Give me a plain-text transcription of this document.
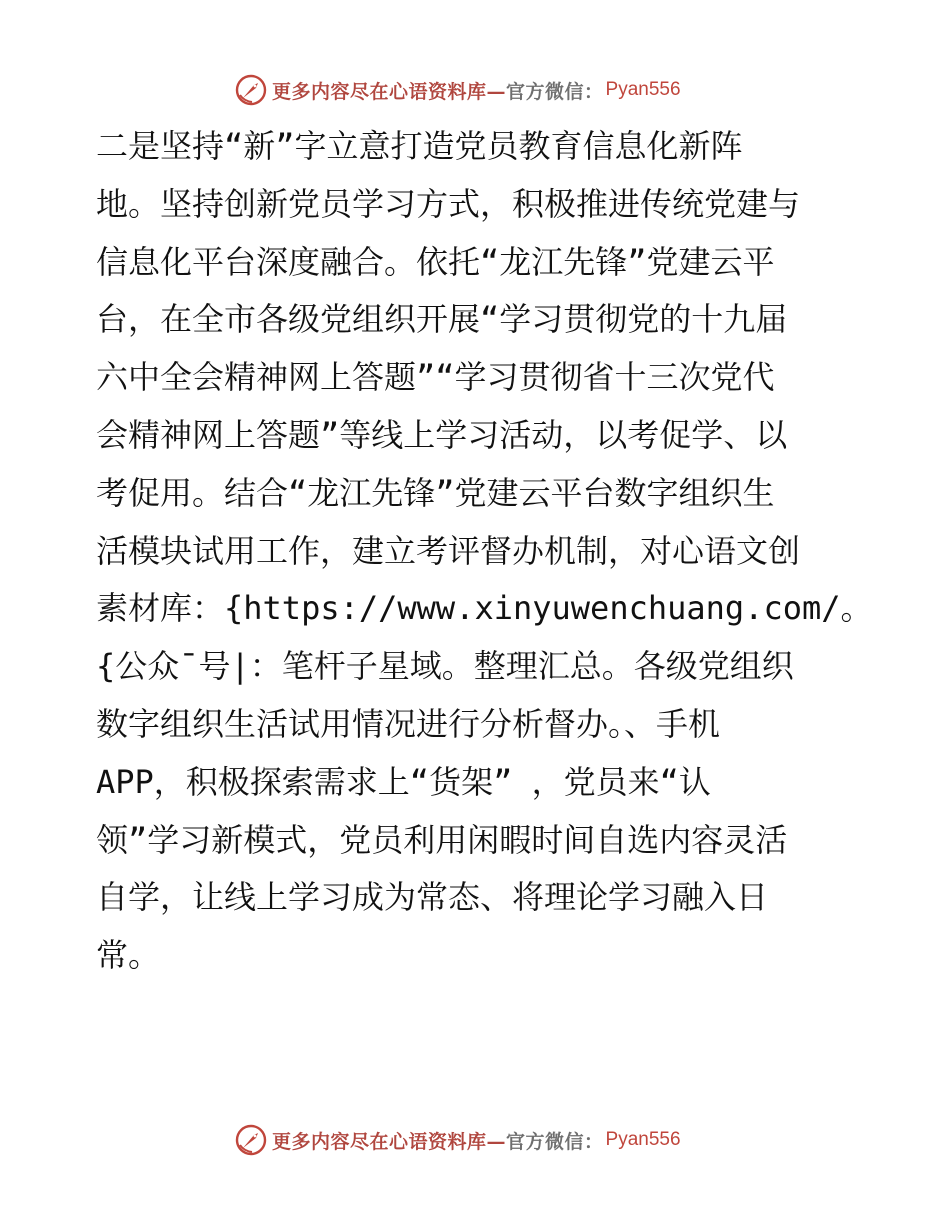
更多内容尽在心语资料库— 官方微信： Pyan556
二是坚持“新”字立意打造党员教育信息化新阵
地。坚持创新党员学习方式，积极推进传统党建与
信息化平台深度融合。依托“龙江先锋”党建云平
台，在全市各级党组织开展“学习贯彻党的十九届
六中全会精神网上答题”“学习贯彻省十三次党代
会精神网上答题”等线上学习活动，以考促学、以
考促用。结合“龙江先锋”党建云平台数字组织生
活模块试用工作，建立考评督办机制，对心语文创
素材库：{https://www.xinyuwenchuang.com/。
{公众¯号|：笔杆子星域。整理汇总。各级党组织
数字组织生活试用情况进行分析督办。、手机
APP，积极探索需求上“货架” ，党员来“认
领”学习新模式，党员利用闲暇时间自选内容灵活
自学，让线上学习成为常态、将理论学习融入日
常。
更多内容尽在心语资料库— 官方微信： Pyan556
